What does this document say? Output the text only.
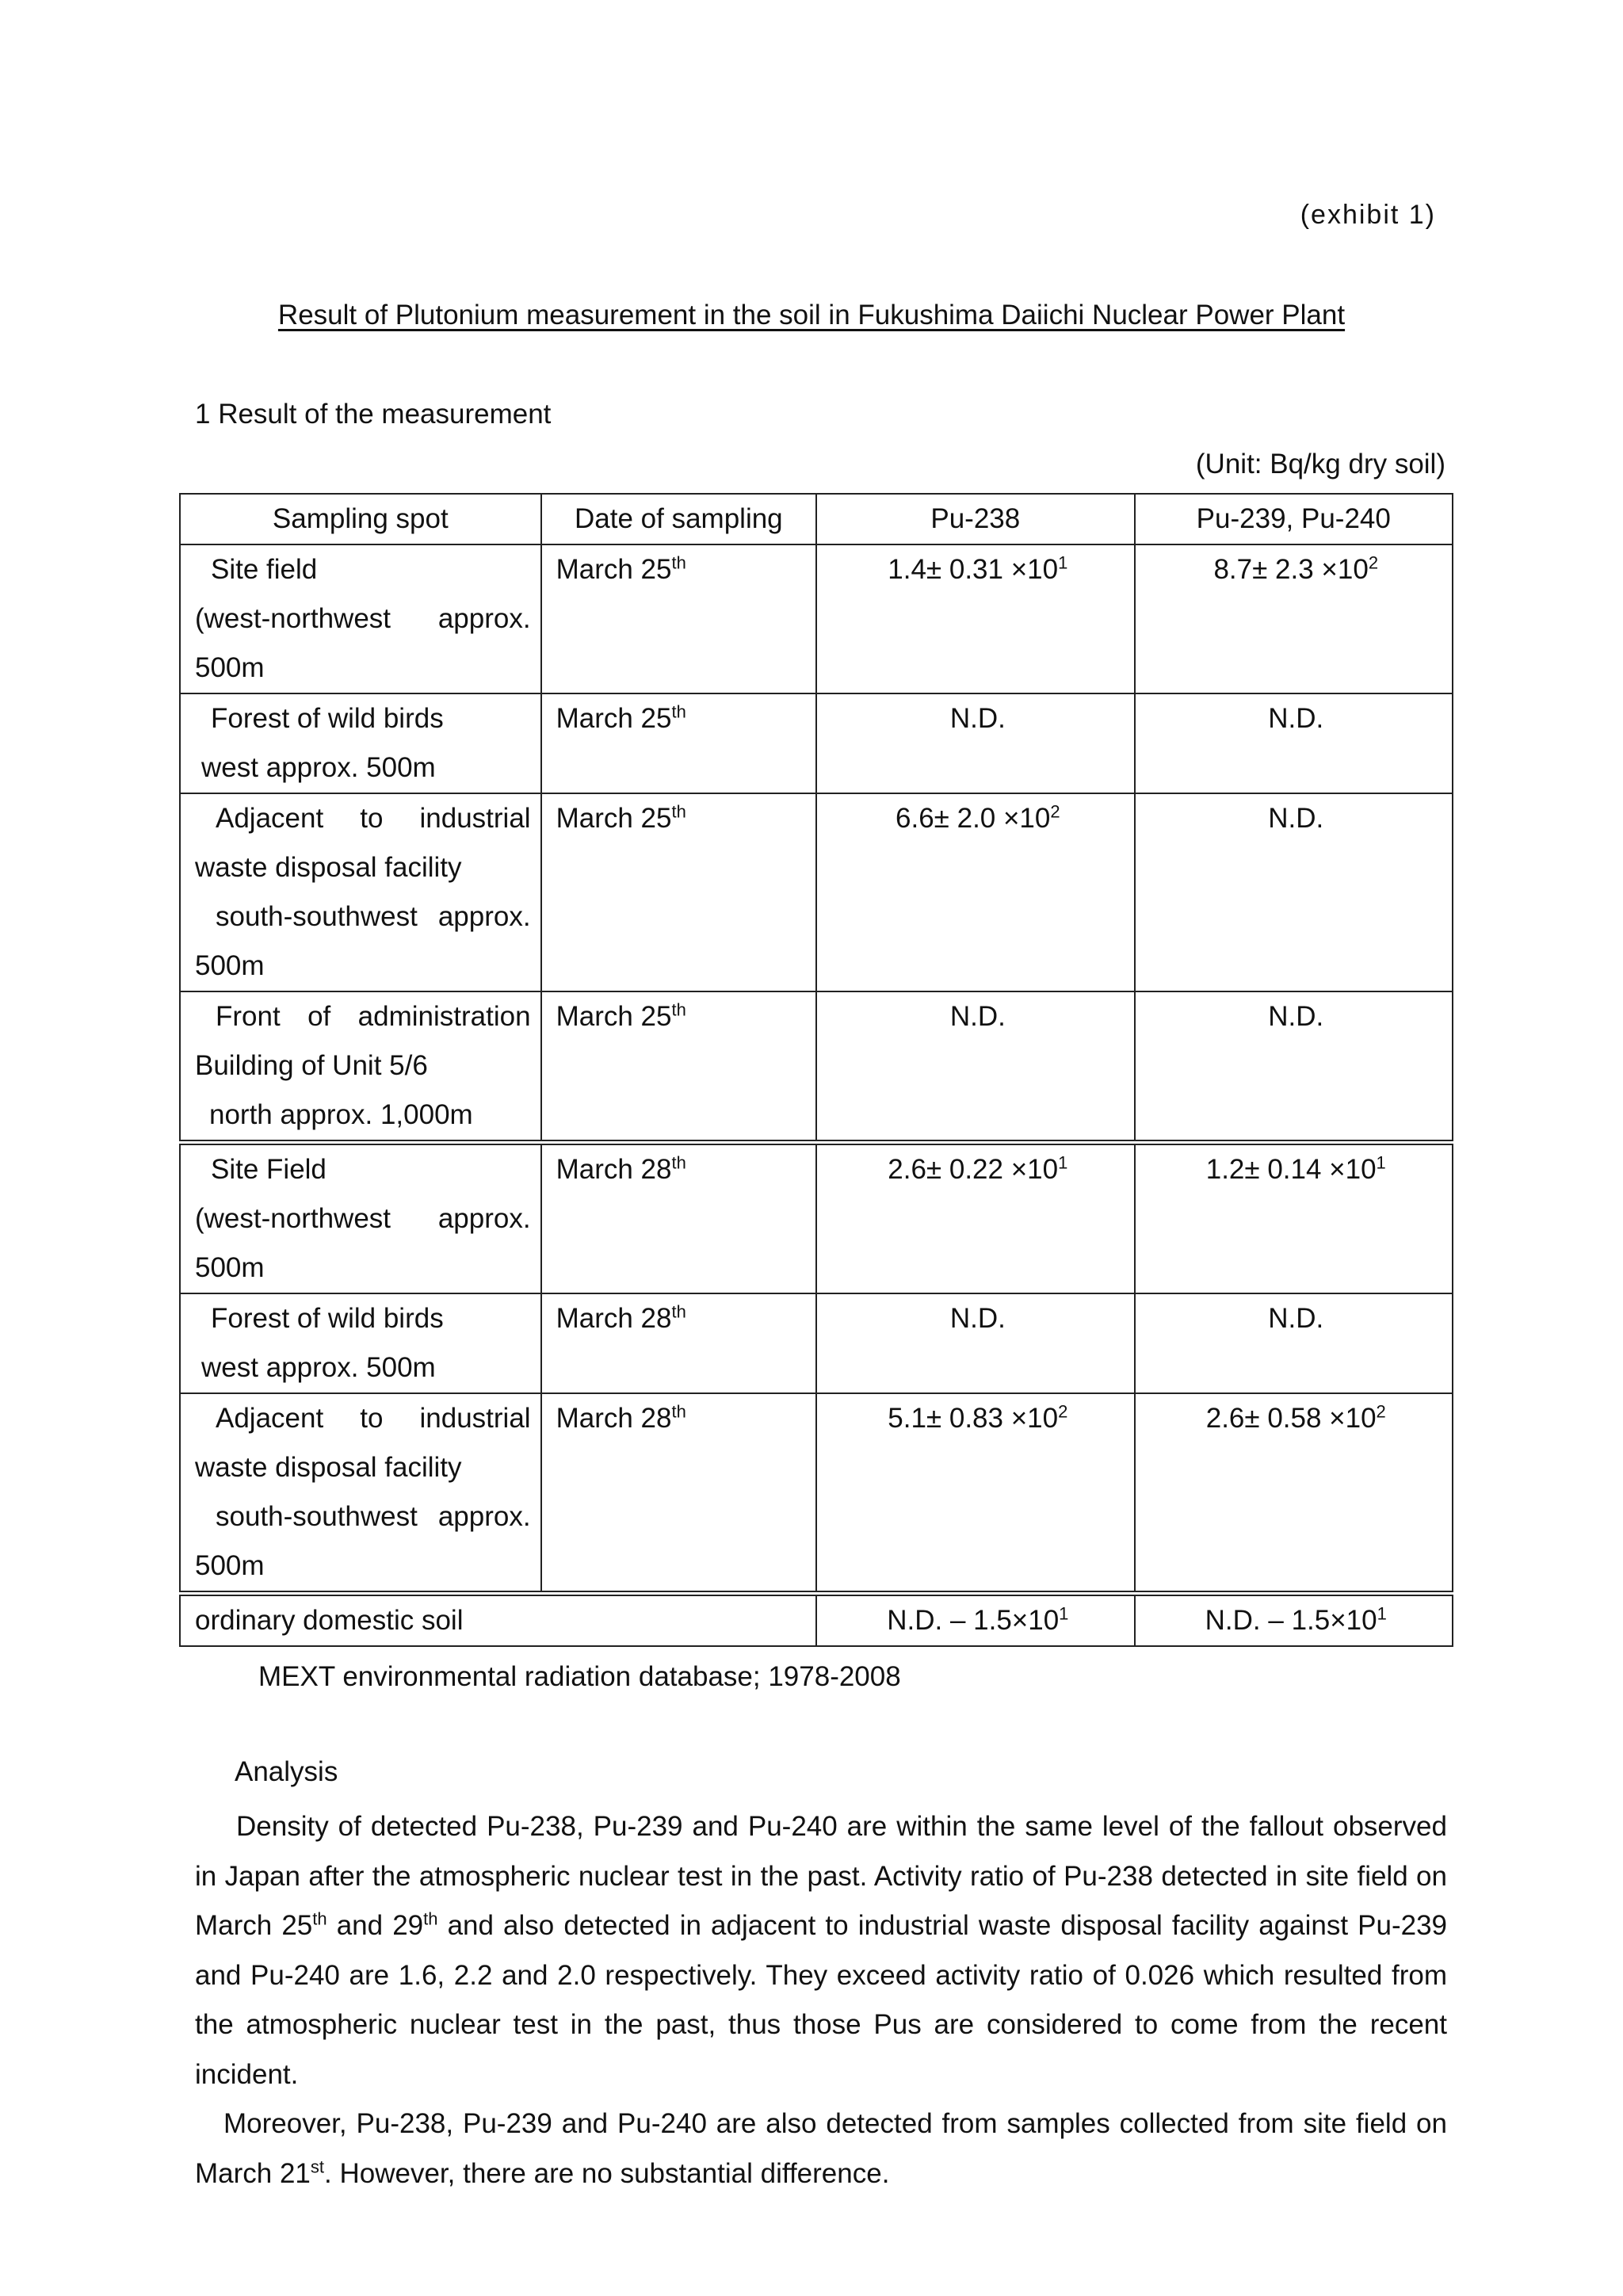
(exhibit 1)
Result of Plutonium measurement in the soil in Fukushima Daiichi Nuclear Power Plant
1 Result of the measurement
(Unit: Bq/kg dry soil)
Sampling spot	Date of sampling	Pu-238	Pu-239, Pu-240

Site field
(west-northwest approx.
500m	March 25th	$1.4\pm 0.31 \times 10^1$	$8.7\pm 2.3 \times 10^2$

Forest of wild birds
west approx. 500m	March 25th	N.D.	N.D.

Adjacent to industrial
waste disposal facility
south-southwest approx.
500m	March 25th	$6.6\pm 2.0 \times 10^2$	N.D.

Front of administration
Building of Unit 5/6
north approx. 1,000m	March 25th	N.D.	N.D.

Site Field
(west-northwest approx.
500m	March 28th	$2.6\pm 0.22 \times 10^1$	$1.2\pm 0.14 \times 10^1$

Forest of wild birds
west approx. 500m	March 28th	N.D.	N.D.

Adjacent to industrial
waste disposal facility
south-southwest approx.
500m	March 28th	$5.1\pm 0.83 \times 10^2$	$2.6\pm 0.58 \times 10^2$
ordinary domestic soil		N.D. – $1.5\times 10^1$	N.D. – $1.5\times 10^1$
MEXT environmental radiation database; 1978-2008
Analysis

Density of detected Pu-238, Pu-239 and Pu-240 are within the same level of the fallout observed in Japan after the atmospheric nuclear test in the past. Activity ratio of Pu-238 detected in site field on March 25th and 29th and also detected in adjacent to industrial waste disposal facility against Pu-239 and Pu-240 are 1.6, 2.2 and 2.0 respectively. They exceed activity ratio of 0.026 which resulted from the atmospheric nuclear test in the past, thus those Pus are considered to come from the recent incident.

Moreover, Pu-238, Pu-239 and Pu-240 are also detected from samples collected from site field on March 21st. However, there are no substantial difference.
